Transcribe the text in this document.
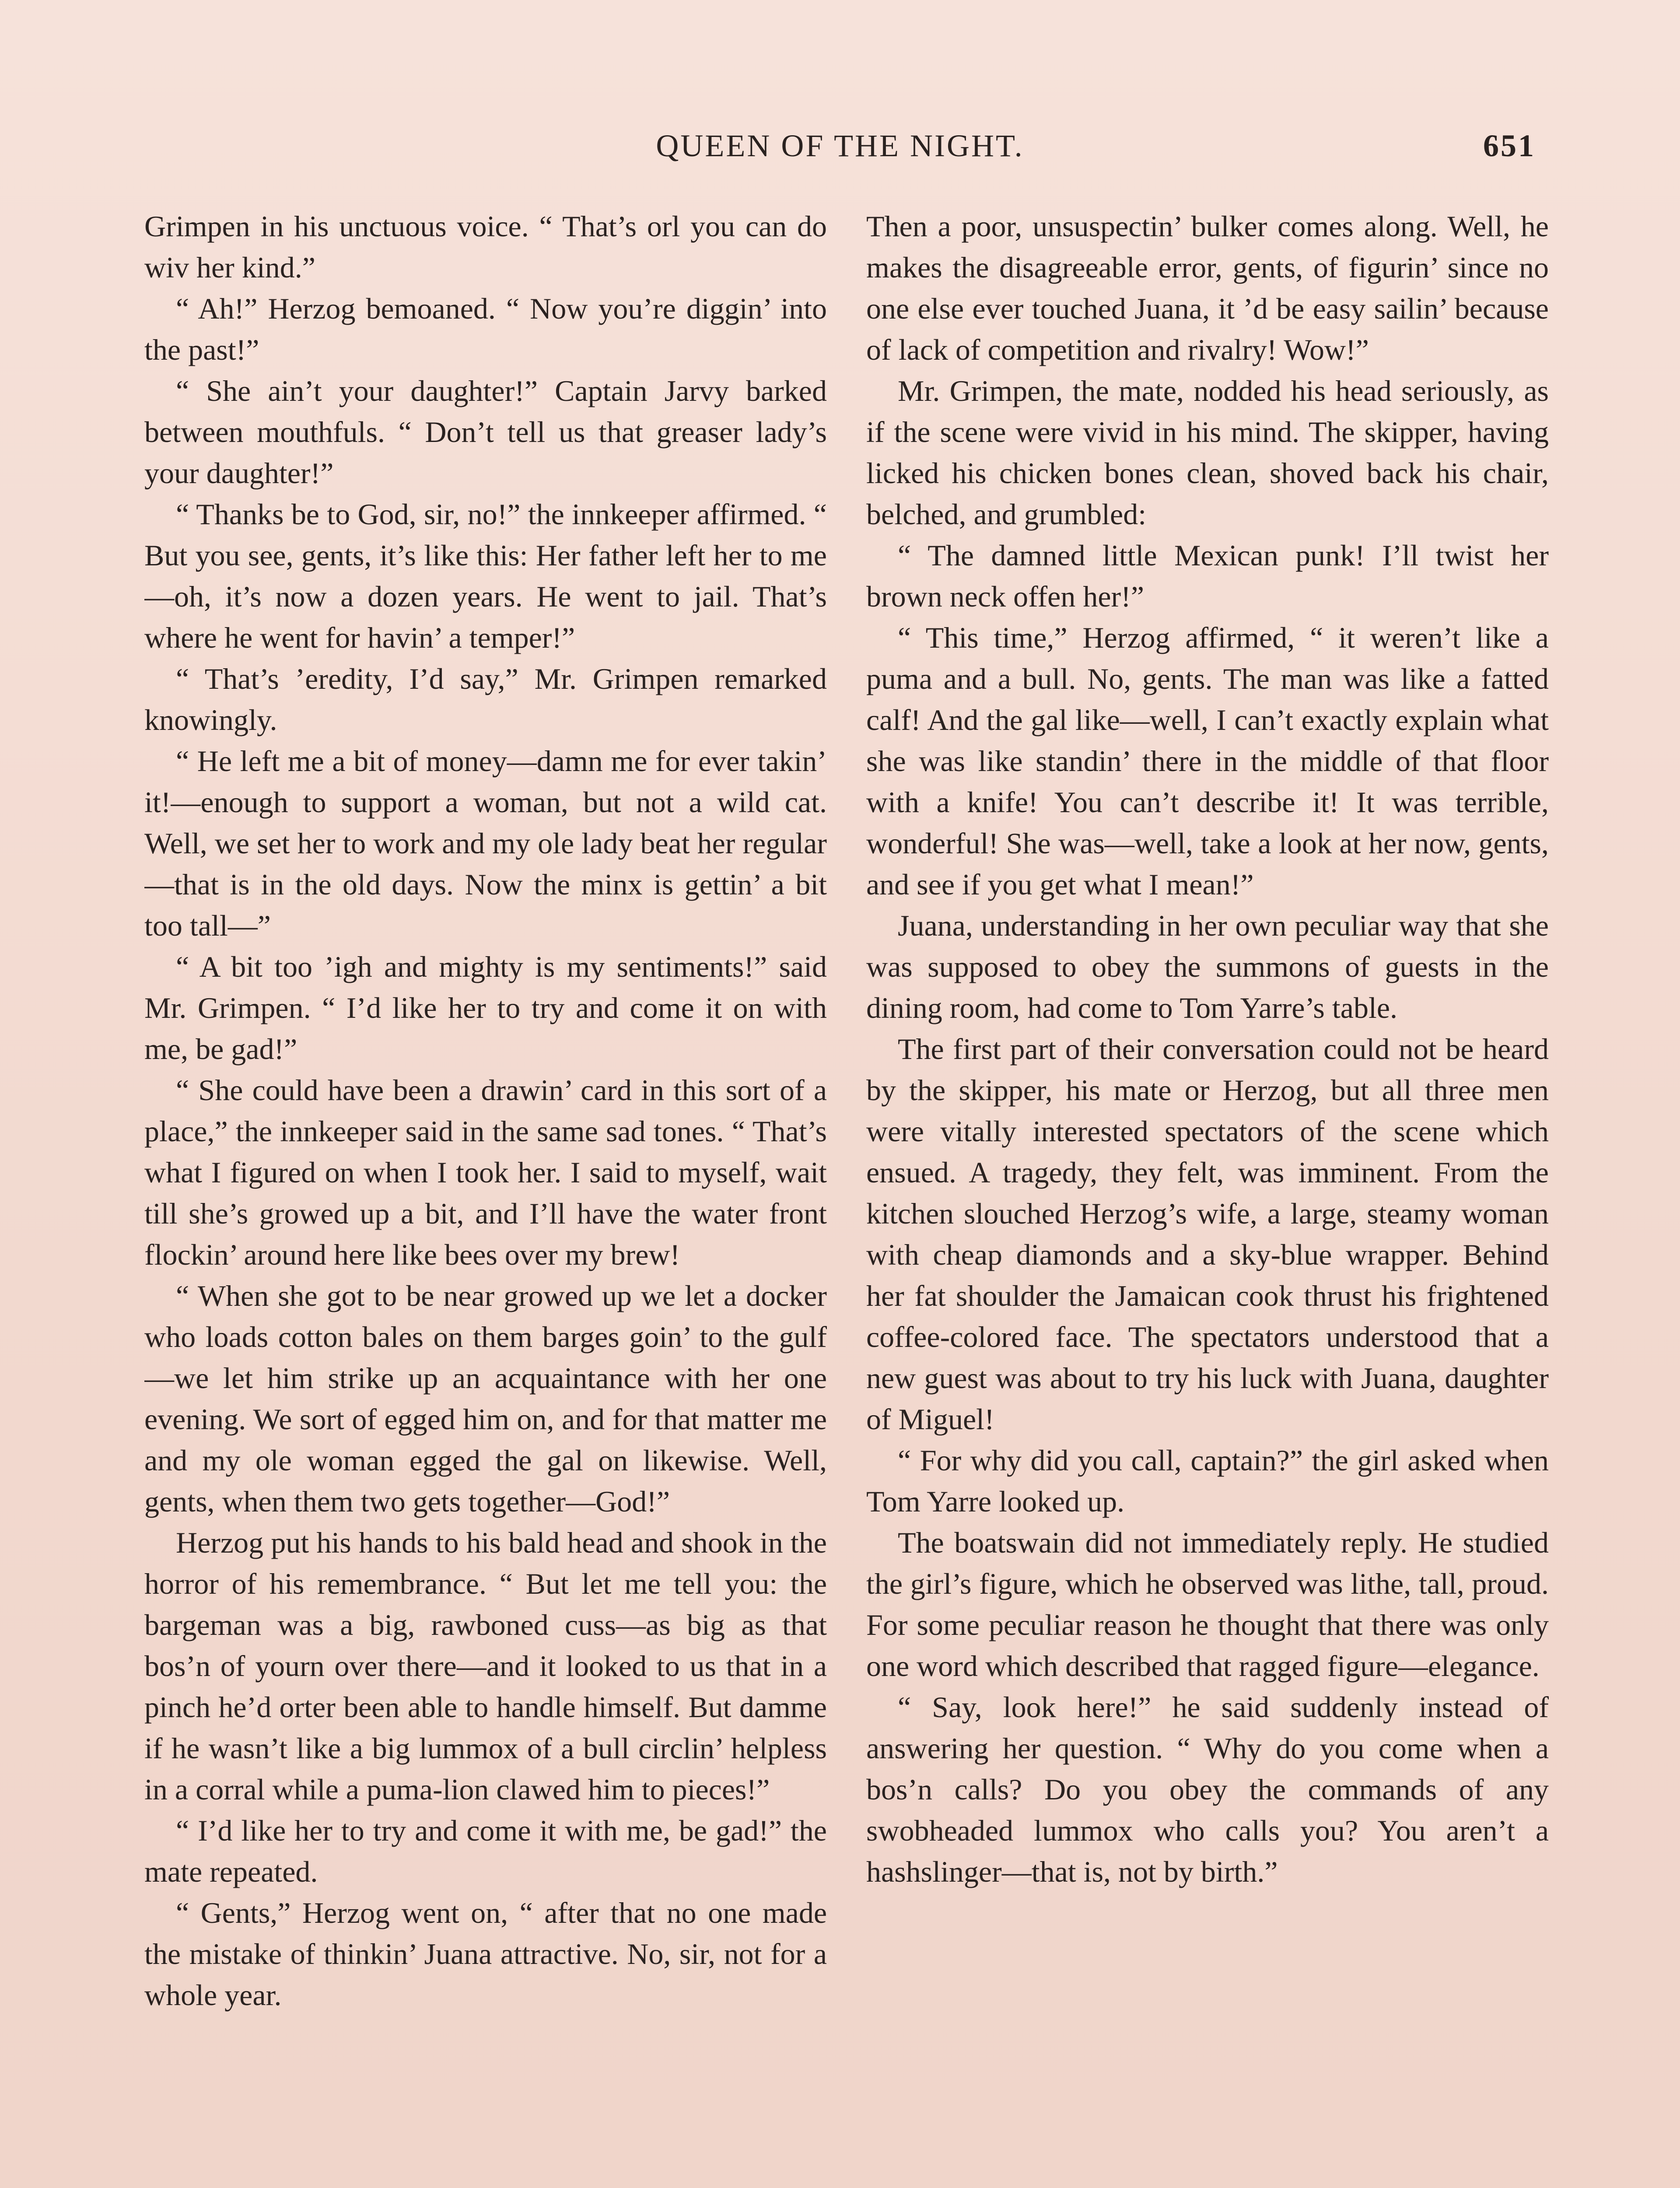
QUEEN OF THE NIGHT.	651

Grimpen in his unctuous voice. “ That’s orl you can do wiv her kind.”

“ Ah!” Herzog bemoaned. “ Now you’re diggin’ into the past!”

“ She ain’t your daughter!” Captain Jarvy barked between mouthfuls. “ Don’t tell us that greaser lady’s your daughter!”

“ Thanks be to God, sir, no!” the innkeeper affirmed. “ But you see, gents, it’s like this: Her father left her to me—oh, it’s now a dozen years. He went to jail. That’s where he went for havin’ a temper!”

“ That’s ’eredity, I’d say,” Mr. Grimpen remarked knowingly.

“ He left me a bit of money—damn me for ever takin’ it!—enough to support a woman, but not a wild cat. Well, we set her to work and my ole lady beat her regular—that is in the old days. Now the minx is gettin’ a bit too tall—”

“ A bit too ’igh and mighty is my sentiments!” said Mr. Grimpen. “ I’d like her to try and come it on with me, be gad!”

“ She could have been a drawin’ card in this sort of a place,” the innkeeper said in the same sad tones. “ That’s what I figured on when I took her. I said to myself, wait till she’s growed up a bit, and I’ll have the water front flockin’ around here like bees over my brew!

“ When she got to be near growed up we let a docker who loads cotton bales on them barges goin’ to the gulf—we let him strike up an acquaintance with her one evening. We sort of egged him on, and for that matter me and my ole woman egged the gal on likewise. Well, gents, when them two gets together—God!”

Herzog put his hands to his bald head and shook in the horror of his remembrance. “ But let me tell you: the bargeman was a big, rawboned cuss—as big as that bos’n of yourn over there—and it looked to us that in a pinch he’d orter been able to handle himself. But damme if he wasn’t like a big lummox of a bull circlin’ helpless in a corral while a puma-lion clawed him to pieces!”

“ I’d like her to try and come it with me, be gad!” the mate repeated.

“ Gents,” Herzog went on, “ after that no one made the mistake of thinkin’ Juana attractive. No, sir, not for a whole year.

Then a poor, unsuspectin’ bulker comes along. Well, he makes the disagreeable error, gents, of figurin’ since no one else ever touched Juana, it ’d be easy sailin’ because of lack of competition and rivalry! Wow!”

Mr. Grimpen, the mate, nodded his head seriously, as if the scene were vivid in his mind. The skipper, having licked his chicken bones clean, shoved back his chair, belched, and grumbled:

“ The damned little Mexican punk! I’ll twist her brown neck offen her!”

“ This time,” Herzog affirmed, “ it weren’t like a puma and a bull. No, gents. The man was like a fatted calf! And the gal like—well, I can’t exactly explain what she was like standin’ there in the middle of that floor with a knife! You can’t describe it! It was terrible, wonderful! She was—well, take a look at her now, gents, and see if you get what I mean!”

Juana, understanding in her own peculiar way that she was supposed to obey the summons of guests in the dining room, had come to Tom Yarre’s table.

The first part of their conversation could not be heard by the skipper, his mate or Herzog, but all three men were vitally interested spectators of the scene which ensued. A tragedy, they felt, was imminent. From the kitchen slouched Herzog’s wife, a large, steamy woman with cheap diamonds and a sky-blue wrapper. Behind her fat shoulder the Jamaican cook thrust his frightened coffee-colored face. The spectators understood that a new guest was about to try his luck with Juana, daughter of Miguel!

“ For why did you call, captain?” the girl asked when Tom Yarre looked up.

The boatswain did not immediately reply. He studied the girl’s figure, which he observed was lithe, tall, proud. For some peculiar reason he thought that there was only one word which described that ragged figure—elegance.

“ Say, look here!” he said suddenly instead of answering her question. “ Why do you come when a bos’n calls? Do you obey the commands of any swobheaded lummox who calls you? You aren’t a hashslinger—that is, not by birth.”
